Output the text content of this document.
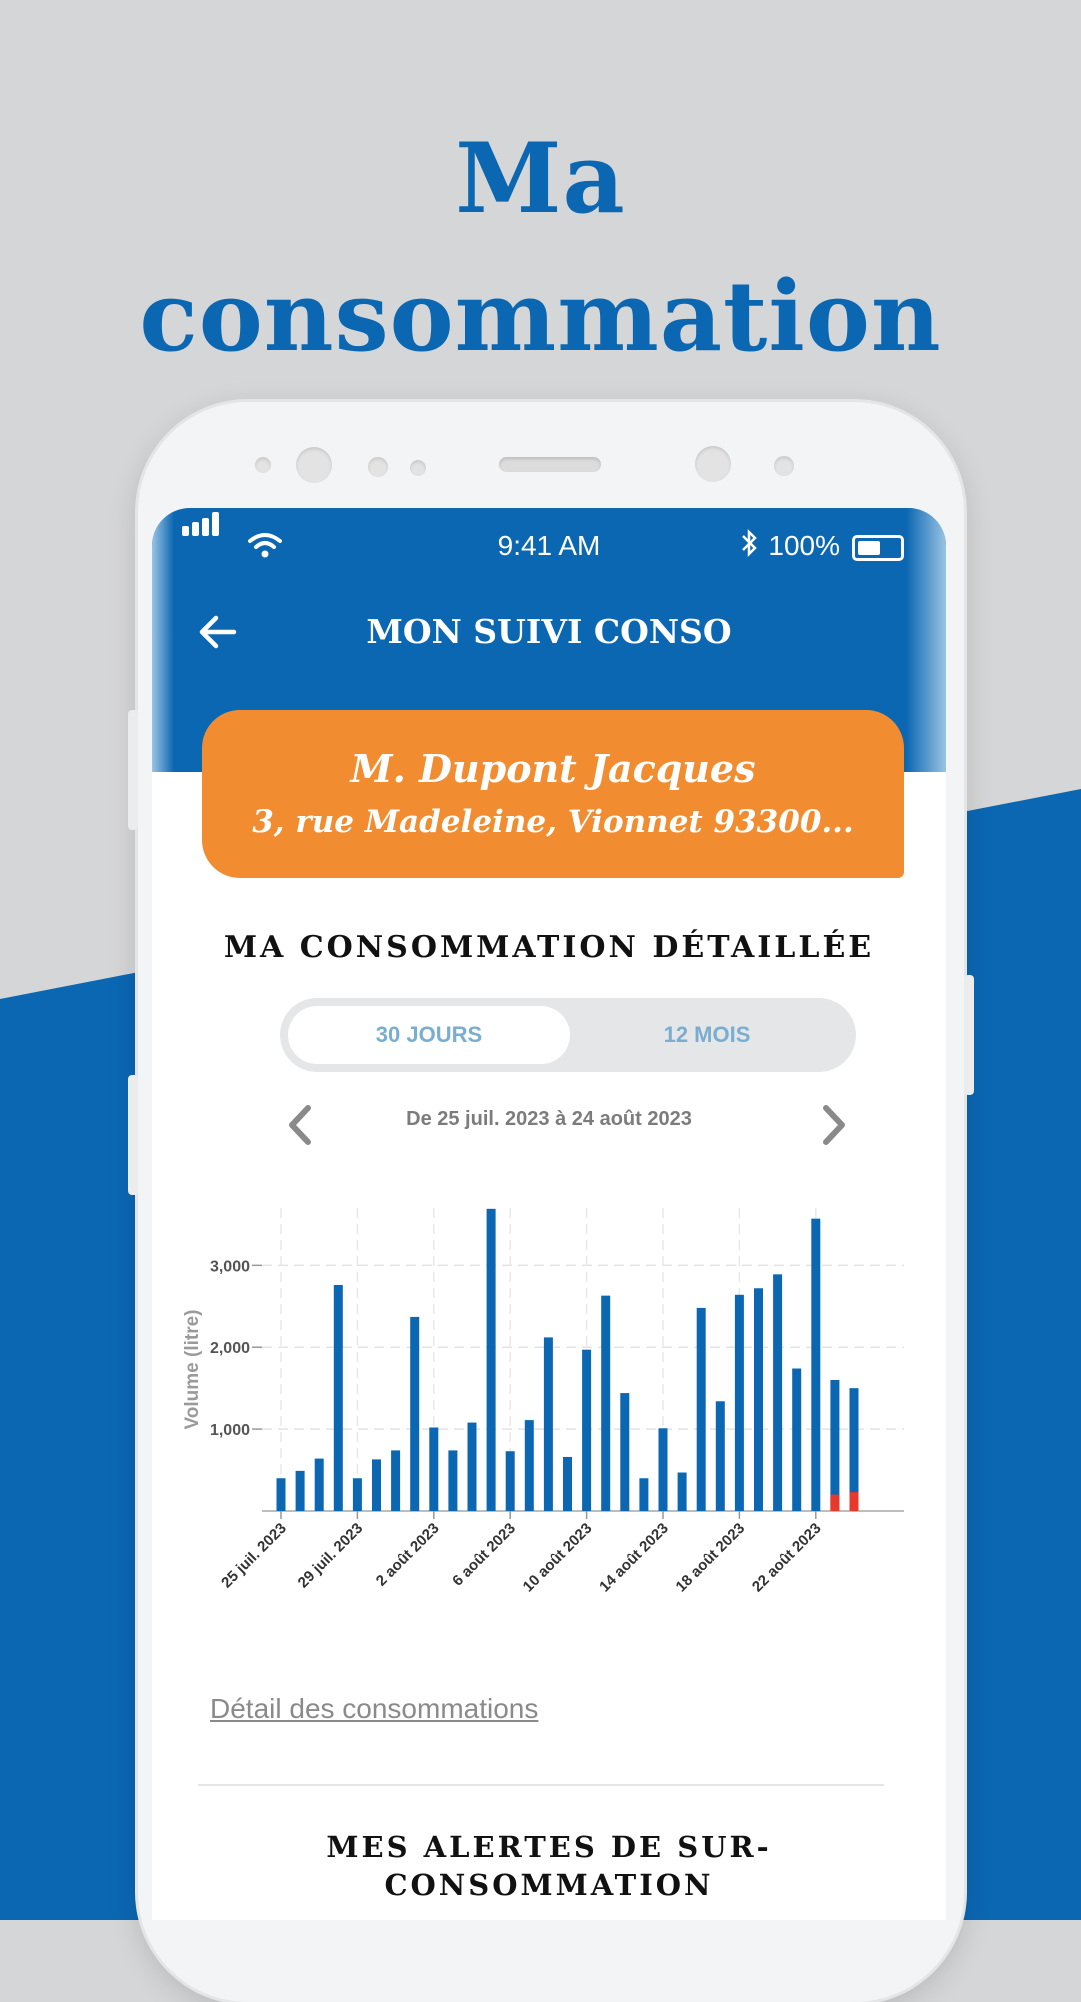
Ma
consommation
9:41 AM	100%
MON SUIVI CONSO
M. Dupont Jacques
3, rue Madeleine, Vionnet 93300...
MA CONSOMMATION DÉTAILLÉE
30 JOURS	12 MOIS
De 25 juil. 2023 à 24 août 2023
1,000
2,000
3,000
Volume (litre)
25 juil. 2023 29 juil. 2023 2 août 2023 6 août 2023 10 août 2023 14 août 2023 18 août 2023 22 août 2023
Détail des consommations
MES ALERTES DE SUR-
CONSOMMATION
